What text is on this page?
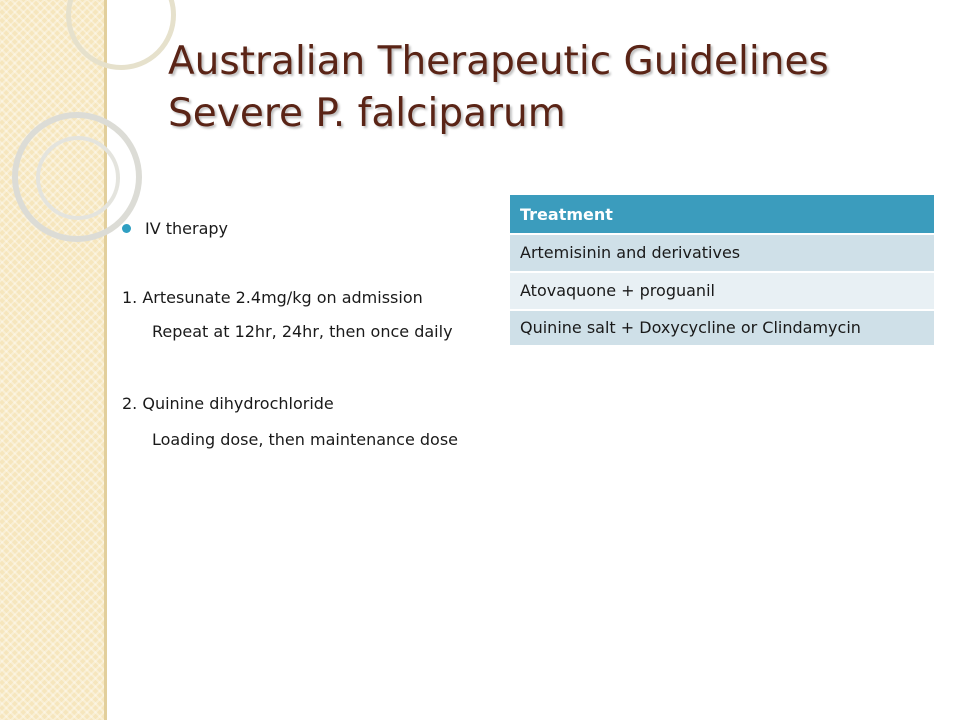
Australian Therapeutic Guidelines
Severe P. falciparum
IV therapy
1. Artesunate 2.4mg/kg on admission
Repeat at 12hr, 24hr, then once daily
2. Quinine dihydrochloride
Loading dose, then maintenance dose
Treatment
Artemisinin and derivatives
Atovaquone + proguanil
Quinine salt + Doxycycline or Clindamycin
